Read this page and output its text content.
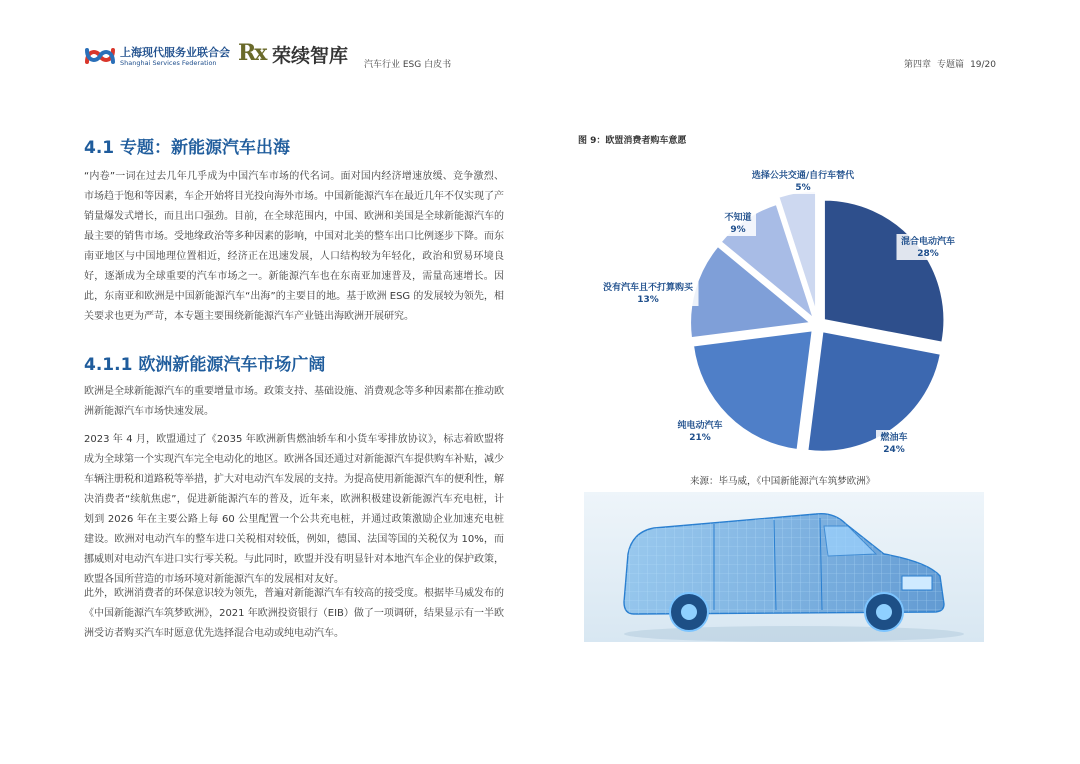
上海现代服务业联合会
Shanghai Services Federation Rx 荣续智库 汽车行业 ESG 白皮书	第四章 专题篇 19/20
4.1 专题：新能源汽车出海

“内卷”一词在过去几年几乎成为中国汽车市场的代名词。面对国内经济增速放缓、竞争激烈、市场趋于饱和等因素，车企开始将目光投向海外市场。中国新能源汽车在最近几年不仅实现了产销量爆发式增长，而且出口强劲。目前，在全球范围内，中国、欧洲和美国是全球新能源汽车的最主要的销售市场。受地缘政治等多种因素的影响，中国对北美的整车出口比例逐步下降。而东南亚地区与中国地理位置相近，经济正在迅速发展，人口结构较为年轻化，政治和贸易环境良好，逐渐成为全球重要的汽车市场之一。新能源汽车也在东南亚加速普及，需量高速增长。因此，东南亚和欧洲是中国新能源汽车“出海”的主要目的地。基于欧洲 ESG 的发展较为领先，相关要求也更为严苛，本专题主要围绕新能源汽车产业链出海欧洲开展研究。

4.1.1 欧洲新能源汽车市场广阔

欧洲是全球新能源汽车的重要增量市场。政策支持、基础设施、消费观念等多种因素都在推动欧洲新能源汽车市场快速发展。

2023 年 4 月，欧盟通过了《2035 年欧洲新售燃油轿车和小货车零排放协议》，标志着欧盟将成为全球第一个实现汽车完全电动化的地区。欧洲各国还通过对新能源汽车提供购车补贴，减少车辆注册税和道路税等举措，扩大对电动汽车发展的支持。为提高使用新能源汽车的便利性，解决消费者“续航焦虑”，促进新能源汽车的普及，近年来，欧洲积极建设新能源汽车充电桩，计划到 2026 年在主要公路上每 60 公里配置一个公共充电桩，并通过政策激励企业加速充电桩建设。欧洲对电动汽车的整车进口关税相对较低，例如，德国、法国等国的关税仅为 10%，而挪威则对电动汽车进口实行零关税。与此同时，欧盟并没有明显针对本地汽车企业的保护政策，欧盟各国所营造的市场环境对新能源汽车的发展相对友好。

此外，欧洲消费者的环保意识较为领先，普遍对新能源汽车有较高的接受度。根据毕马威发布的《中国新能源汽车筑梦欧洲》，2021 年欧洲投资银行（EIB）做了一项调研，结果显示有一半欧洲受访者购买汽车时愿意优先选择混合电动或纯电动汽车。

图 9：欧盟消费者购车意愿
混合电动汽车
28%
燃油车
24%
纯电动汽车
21%
没有汽车且不打算购买
13%
不知道
9%
选择公共交通/自行车替代
5%
来源：毕马威，《中国新能源汽车筑梦欧洲》
